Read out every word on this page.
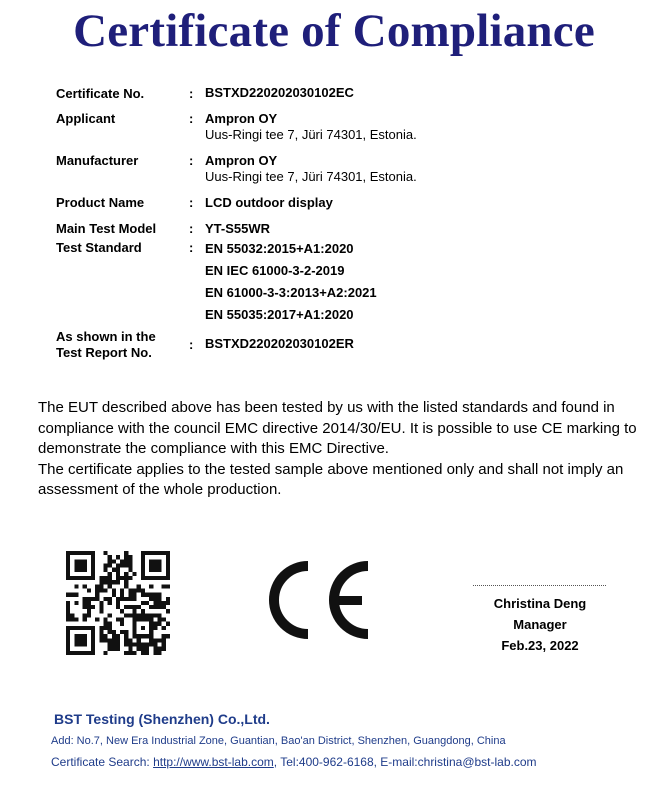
Certificate of Compliance
Certificate No.	: BSTXD220202030102EC
Applicant	: Ampron OY
Uus-Ringi tee 7, Jüri 74301, Estonia.
Manufacturer	: Ampron OY
Uus-Ringi tee 7, Jüri 74301, Estonia.
Product Name	: LCD outdoor display
Main Test Model	: YT-S55WR
Test Standard	: EN 55032:2015+A1:2020
EN IEC 61000-3-2-2019
EN 61000-3-3:2013+A2:2021
EN 55035:2017+A1:2020
As shown in the
Test Report No.
: BSTXD220202030102ER

The EUT described above has been tested by us with the listed standards and found in compliance with the council EMC directive 2014/30/EU. It is possible to use CE marking to demonstrate the compliance with this EMC Directive.

The certificate applies to the tested sample above mentioned only and shall not imply an assessment of the whole production.

Christina Deng
Manager
Feb.23, 2022
BST Testing (Shenzhen) Co.,Ltd.
Add: No.7, New Era Industrial Zone, Guantian, Bao'an District, Shenzhen, Guangdong, China
Certificate Search: http://www.bst-lab.com, Tel:400-962-6168, E-mail:christina@bst-lab.com
